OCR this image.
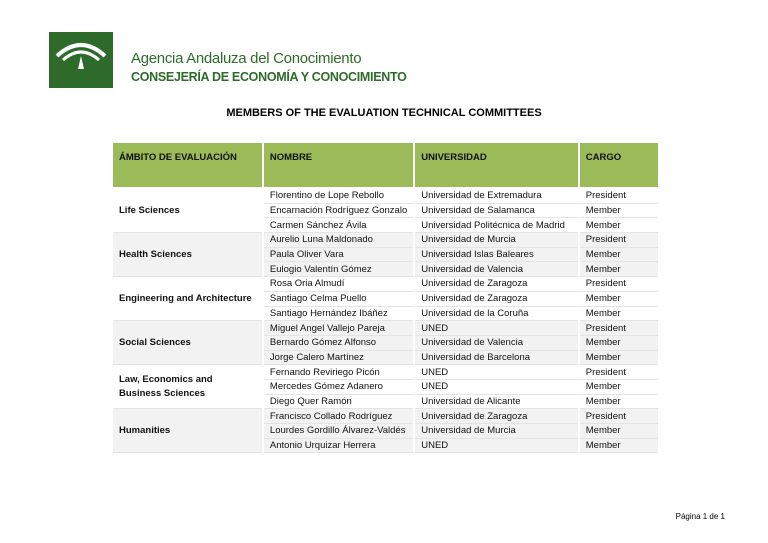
Agencia Andaluza del Conocimiento
CONSEJERÍA DE ECONOMÍA Y CONOCIMIENTO
MEMBERS OF THE EVALUATION TECHNICAL COMMITTEES
ÁMBITO DE EVALUACIÓN	NOMBRE	UNIVERSIDAD	CARGO

Life Sciences	Florentino de Lope Rebollo	Universidad de Extremadura	President
	Encarnación Rodríguez Gonzalo	Universidad de Salamanca	Member
	Carmen Sánchez Ávila	Universidad Politécnica de Madrid	Member
Health Sciences	Aurelio Luna Maldonado	Universidad de Murcia	President
	Paula Oliver Vara	Universidad Islas Baleares	Member
	Eulogio Valentín Gómez	Universidad de Valencia	Member
Engineering and Architecture	Rosa Oria Almudí	Universidad de Zaragoza	President
	Santiago Celma Puello	Universidad de Zaragoza	Member
	Santiago Hernández Ibáñez	Universidad de la Coruña	Member
Social Sciences	Miguel Angel Vallejo Pareja	UNED	President
	Bernardo Gómez Alfonso	Universidad de Valencia	Member
	Jorge Calero Martínez	Universidad de Barcelona	Member
Law, Economics and Business Sciences	Fernando Reviriego Picón	UNED	President
	Mercedes Gómez Adanero	UNED	Member
	Diego Quer Ramón	Universidad de Alicante	Member
Humanities	Francisco Collado Rodríguez	Universidad de Zaragoza	President
	Lourdes Gordillo Álvarez-Valdés	Universidad de Murcia	Member
	Antonio Urquizar Herrera	UNED	Member
Página 1 de 1
